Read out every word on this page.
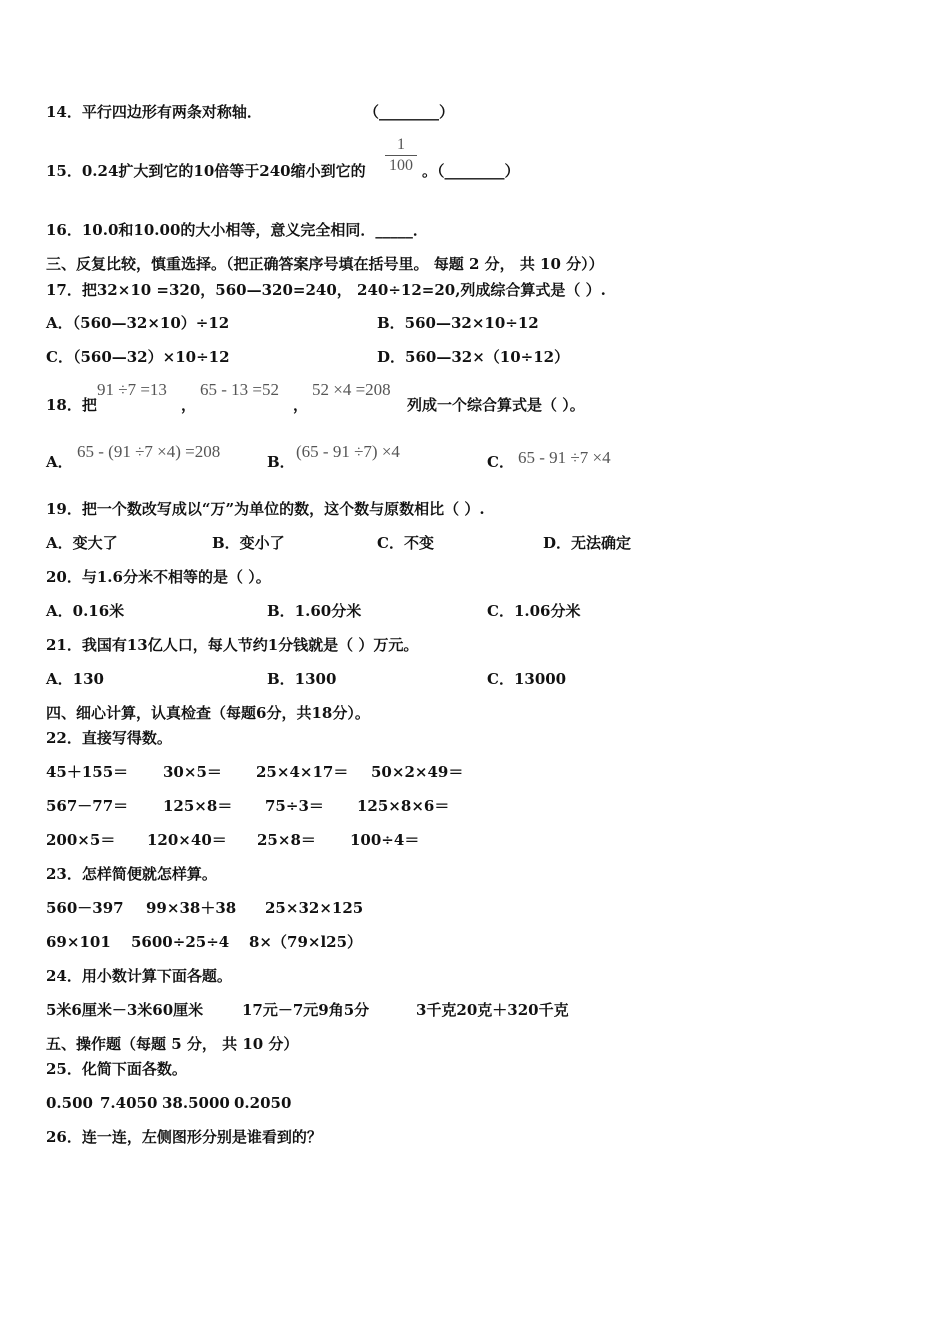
14．平行四边形有两条对称轴．	（________）
15．0.24扩大到它的10倍等于240缩小到它的
1
100 。（________）
16．10.0和10.00的大小相等，意义完全相同．_____．
三、反复比较，慎重选择。（把正确答案序号填在括号里。 每题 2 分， 共 10 分））
17．把32×10 =320，560—320=240， 240÷12=20,列成综合算式是（ ）.
A．（560—32×10）÷12	B．560—32×10÷12
C．（560—32）×10÷12	D．560—32×（10÷12）
18．把
91 ÷7 =13
，
65 - 13 =52
，
52 ×4 =208
列成一个综合算式是（ ）。
A．
65 - (91 ÷7 ×4) =208
B．
(65 - 91 ÷7) ×4
C． 65 - 91 ÷7 ×4
19．把一个数改写成以“万”为单位的数，这个数与原数相比（ ）.
A．变大了	B．变小了	C．不变	D．无法确定
20．与1.6分米不相等的是（ ）。
A．0.16米	B．1.60分米	C．1.06分米
21．我国有13亿人口，每人节约1分钱就是（ ）万元。
A．130	B．1300	C．13000
四、细心计算，认真检查（每题6分，共18分）。
22．直接写得数。
45＋155＝ 30×5＝ 25×4×17＝ 50×2×49＝
567－77＝ 125×8＝ 75÷3＝ 125×8×6＝
200×5＝ 120×40＝ 25×8＝ 100÷4＝
23．怎样简便就怎样算。
560－397 99×38＋38 25×32×125
69×101 5600÷25÷4 8×（79×l25）
24．用小数计算下面各题。
5米6厘米－3米60厘米	17元－7元9角5分	3千克20克＋320千克
五、操作题（每题 5 分， 共 10 分）
25．化简下面各数。
0.500 7.4050 38.5000 0.2050
26．连一连，左侧图形分别是谁看到的？
